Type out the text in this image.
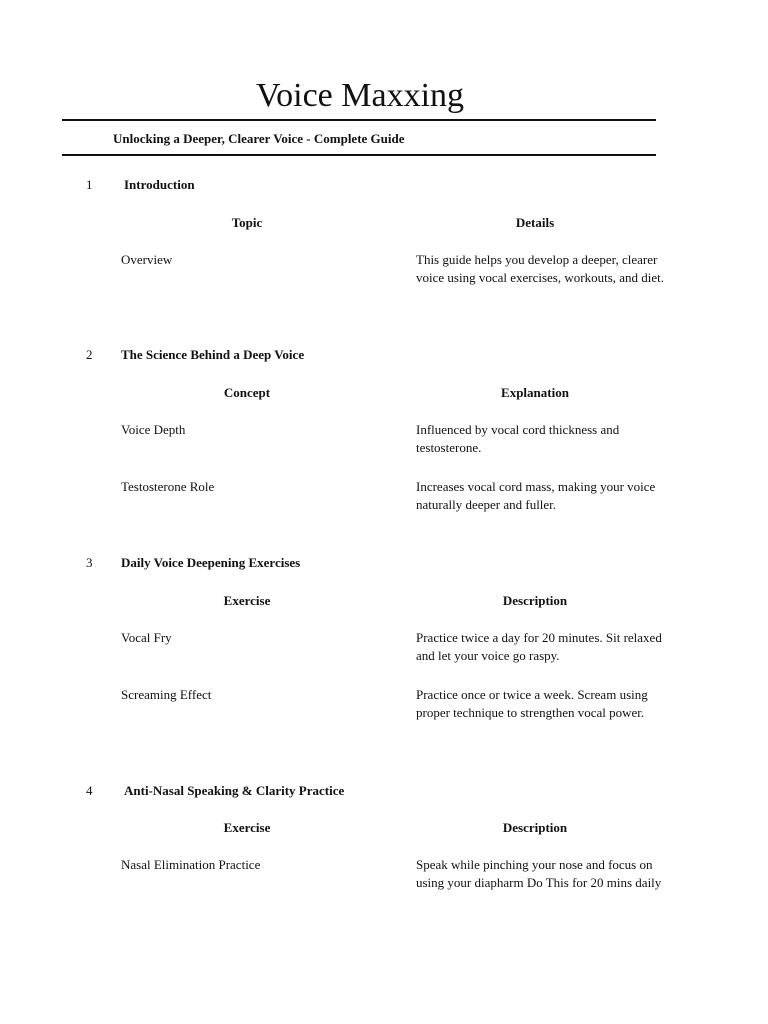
Voice Maxxing
Unlocking a Deeper, Clearer Voice - Complete Guide
1 Introduction
Topic	Details
Overview	This guide helps you develop a deeper, clearer voice using vocal exercises, workouts, and diet.
2 The Science Behind a Deep Voice
Concept	Explanation
Voice Depth	Influenced by vocal cord thickness and testosterone.
Testosterone Role	Increases vocal cord mass, making your voice naturally deeper and fuller.
3 Daily Voice Deepening Exercises
Exercise	Description
Vocal Fry	Practice twice a day for 20 minutes. Sit relaxed and let your voice go raspy.
Screaming Effect	Practice once or twice a week. Scream using proper technique to strengthen vocal power.
4 Anti-Nasal Speaking & Clarity Practice
Exercise	Description
Nasal Elimination Practice	Speak while pinching your nose and focus on using your diapharm Do This for 20 mins daily
